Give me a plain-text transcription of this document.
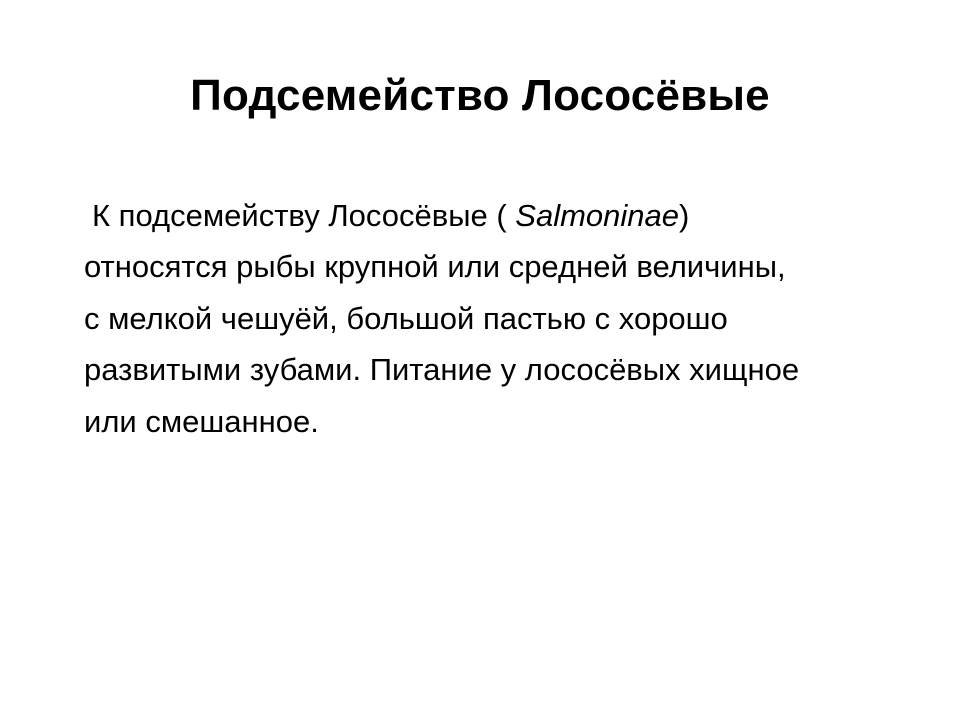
Подсемейство Лососёвые
К подсемейству Лососёвые ( Salmoninae) относятся рыбы крупной или средней величины, с мелкой чешуёй, большой пастью с хорошо развитыми зубами. Питание у лососёвых хищное или смешанное.
